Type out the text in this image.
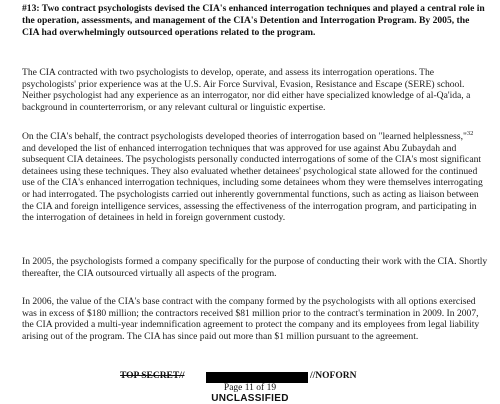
#13: Two contract psychologists devised the CIA's enhanced interrogation techniques and played a central role in the operation, assessments, and management of the CIA's Detention and Interrogation Program. By 2005, the CIA had overwhelmingly outsourced operations related to the program.

The CIA contracted with two psychologists to develop, operate, and assess its interrogation operations. The psychologists' prior experience was at the U.S. Air Force Survival, Evasion, Resistance and Escape (SERE) school. Neither psychologist had any experience as an interrogator, nor did either have specialized knowledge of al-Qa'ida, a background in counterterrorism, or any relevant cultural or linguistic expertise.

On the CIA's behalf, the contract psychologists developed theories of interrogation based on "learned helplessness,"$^{32}$ and developed the list of enhanced interrogation techniques that was approved for use against Abu Zubaydah and subsequent CIA detainees. The psychologists personally conducted interrogations of some of the CIA's most significant detainees using these techniques. They also evaluated whether detainees' psychological state allowed for the continued use of the CIA's enhanced interrogation techniques, including some detainees whom they were themselves interrogating or had interrogated. The psychologists carried out inherently governmental functions, such as acting as liaison between the CIA and foreign intelligence services, assessing the effectiveness of the interrogation program, and participating in the interrogation of detainees in held in foreign government custody.

In 2005, the psychologists formed a company specifically for the purpose of conducting their work with the CIA. Shortly thereafter, the CIA outsourced virtually all aspects of the program.

In 2006, the value of the CIA's base contract with the company formed by the psychologists with all options exercised was in excess of $180 million; the contractors received $81 million prior to the contract's termination in 2009. In 2007, the CIA provided a multi-year indemnification agreement to protect the company and its employees from legal liability arising out of the program. The CIA has since paid out more than $1 million pursuant to the agreement.

TOP SECRET//	//NOFORN
Page 11 of 19
UNCLASSIFIED
